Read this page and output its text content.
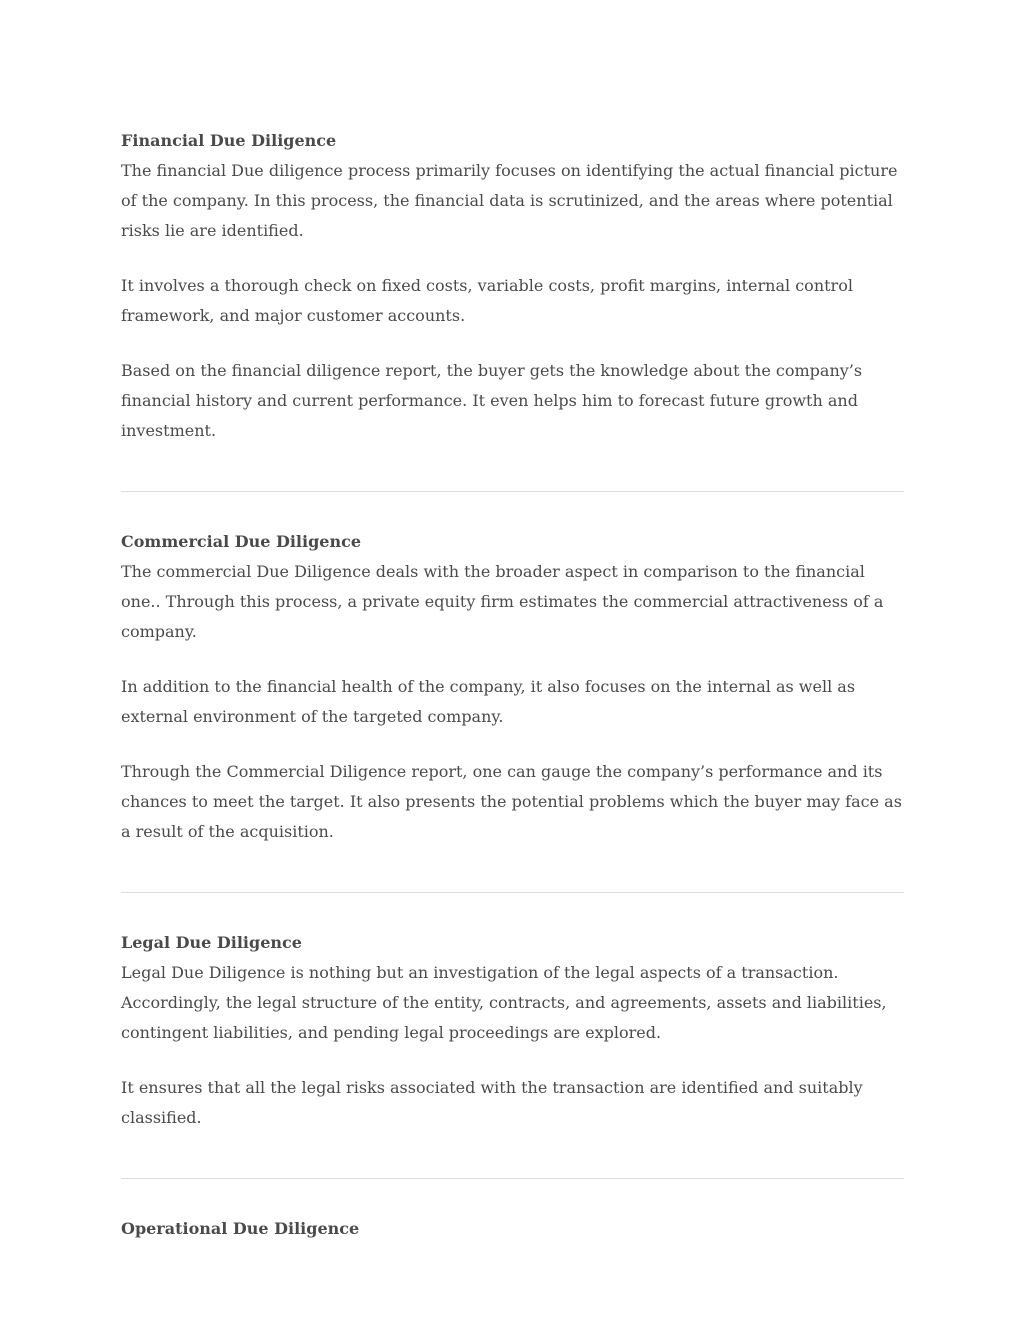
Financial Due Diligence

The financial Due diligence process primarily focuses on identifying the actual financial picture of the company. In this process, the financial data is scrutinized, and the areas where potential risks lie are identified.

It involves a thorough check on fixed costs, variable costs, profit margins, internal control framework, and major customer accounts.

Based on the financial diligence report, the buyer gets the knowledge about the company’s financial history and current performance. It even helps him to forecast future growth and investment.

Commercial Due Diligence

The commercial Due Diligence deals with the broader aspect in comparison to the financial one.. Through this process, a private equity firm estimates the commercial attractiveness of a company.

In addition to the financial health of the company, it also focuses on the internal as well as external environment of the targeted company.

Through the Commercial Diligence report, one can gauge the company’s performance and its chances to meet the target. It also presents the potential problems which the buyer may face as a result of the acquisition.

Legal Due Diligence

Legal Due Diligence is nothing but an investigation of the legal aspects of a transaction. Accordingly, the legal structure of the entity, contracts, and agreements, assets and liabilities, contingent liabilities, and pending legal proceedings are explored.

It ensures that all the legal risks associated with the transaction are identified and suitably classified.

Operational Due Diligence
